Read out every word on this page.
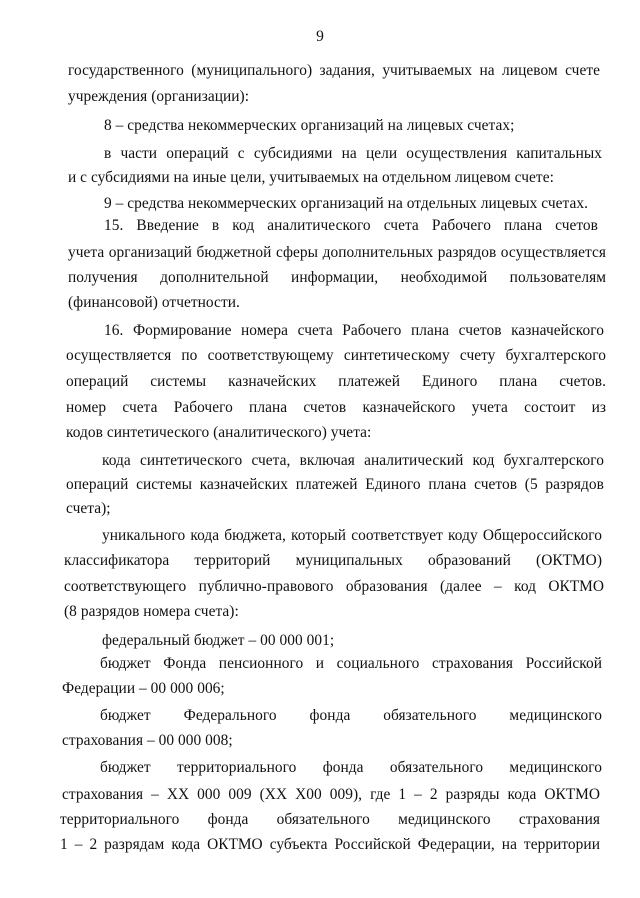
9
государственного (муниципального) задания, учитываемых на лицевом счете
учреждения (организации):
8 – средства некоммерческих организаций на лицевых счетах;
в части операций с субсидиями на цели осуществления капитальных
и с субсидиями на иные цели, учитываемых на отдельном лицевом счете:
9 – средства некоммерческих организаций на отдельных лицевых счетах.
15. Введение в код аналитического счета Рабочего плана счетов
учета организаций бюджетной сферы дополнительных разрядов осуществляется
получения дополнительной информации, необходимой пользователям
(финансовой) отчетности.
16. Формирование номера счета Рабочего плана счетов казначейского
осуществляется по соответствующему синтетическому счету бухгалтерского
операций системы казначейских платежей Единого плана счетов.
номер счета Рабочего плана счетов казначейского учета состоит из
кодов синтетического (аналитического) учета:
кода синтетического счета, включая аналитический код бухгалтерского
операций системы казначейских платежей Единого плана счетов (5 разрядов
счета);
уникального кода бюджета, который соответствует коду Общероссийского
классификатора территорий муниципальных образований (ОКТМО)
соответствующего публично-правового образования (далее – код ОКТМО
(8 разрядов номера счета):
федеральный бюджет – 00 000 001;
бюджет Фонда пенсионного и социального страхования Российской
Федерации – 00 000 006;
бюджет Федерального фонда обязательного медицинского
страхования – 00 000 008;
бюджет территориального фонда обязательного медицинского
страхования – ХХ 000 009 (ХХ Х00 009), где 1 – 2 разряды кода ОКТМО
территориального фонда обязательного медицинского страхования
1 – 2 разрядам кода ОКТМО субъекта Российской Федерации, на территории
